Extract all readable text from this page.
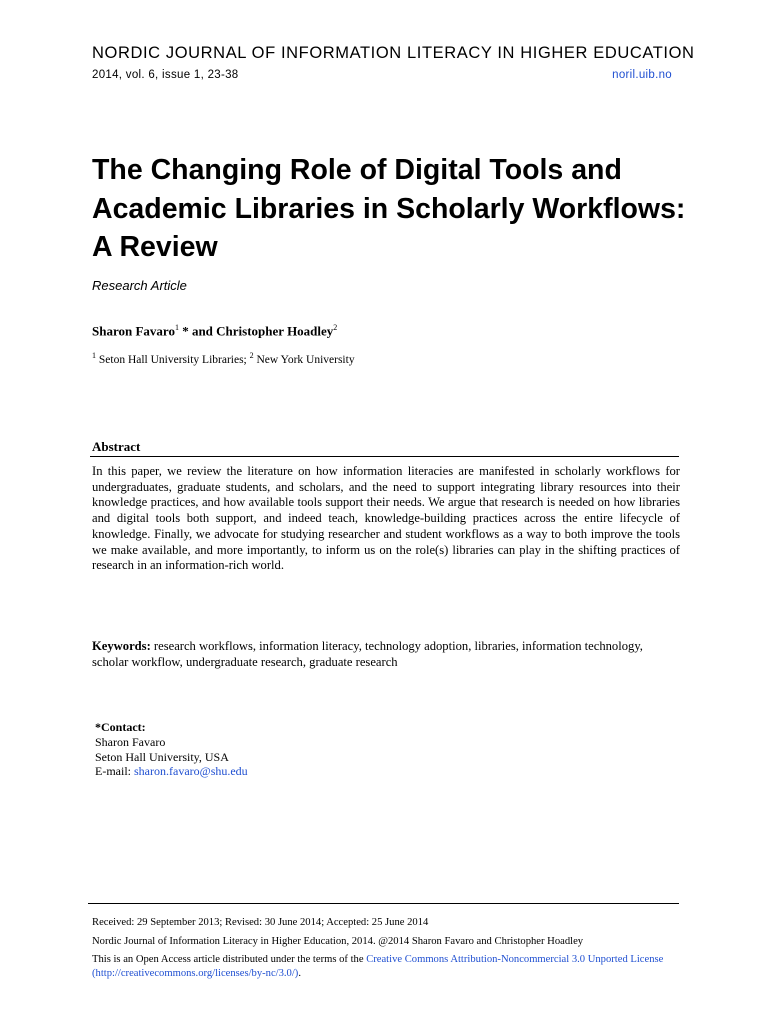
NORDIC JOURNAL OF INFORMATION LITERACY IN HIGHER EDUCATION
2014, vol. 6, issue 1, 23-38	noril.uib.no
The Changing Role of Digital Tools and Academic Libraries in Scholarly Workflows: A Review
Research Article
Sharon Favaro$^1$ * and Christopher Hoadley$^2$
$^1$ Seton Hall University Libraries; $^2$ New York University
Abstract
In this paper, we review the literature on how information literacies are manifested in scholarly workflows for undergraduates, graduate students, and scholars, and the need to support integrating library resources into their knowledge practices, and how available tools support their needs. We argue that research is needed on how libraries and digital tools both support, and indeed teach, knowledge-building practices across the entire lifecycle of knowledge. Finally, we advocate for studying researcher and student workflows as a way to both improve the tools we make available, and more importantly, to inform us on the role(s) libraries can play in the shifting practices of research in an information-rich world.
Keywords: research workflows, information literacy, technology adoption, libraries, information technology, scholar workflow, undergraduate research, graduate research
*Contact:
Sharon Favaro
Seton Hall University, USA
E-mail: sharon.favaro@shu.edu
Received: 29 September 2013; Revised: 30 June 2014; Accepted: 25 June 2014
Nordic Journal of Information Literacy in Higher Education, 2014. @2014 Sharon Favaro and Christopher Hoadley
This is an Open Access article distributed under the terms of the Creative Commons Attribution-Noncommercial 3.0 Unported License (http://creativecommons.org/licenses/by-nc/3.0/).
